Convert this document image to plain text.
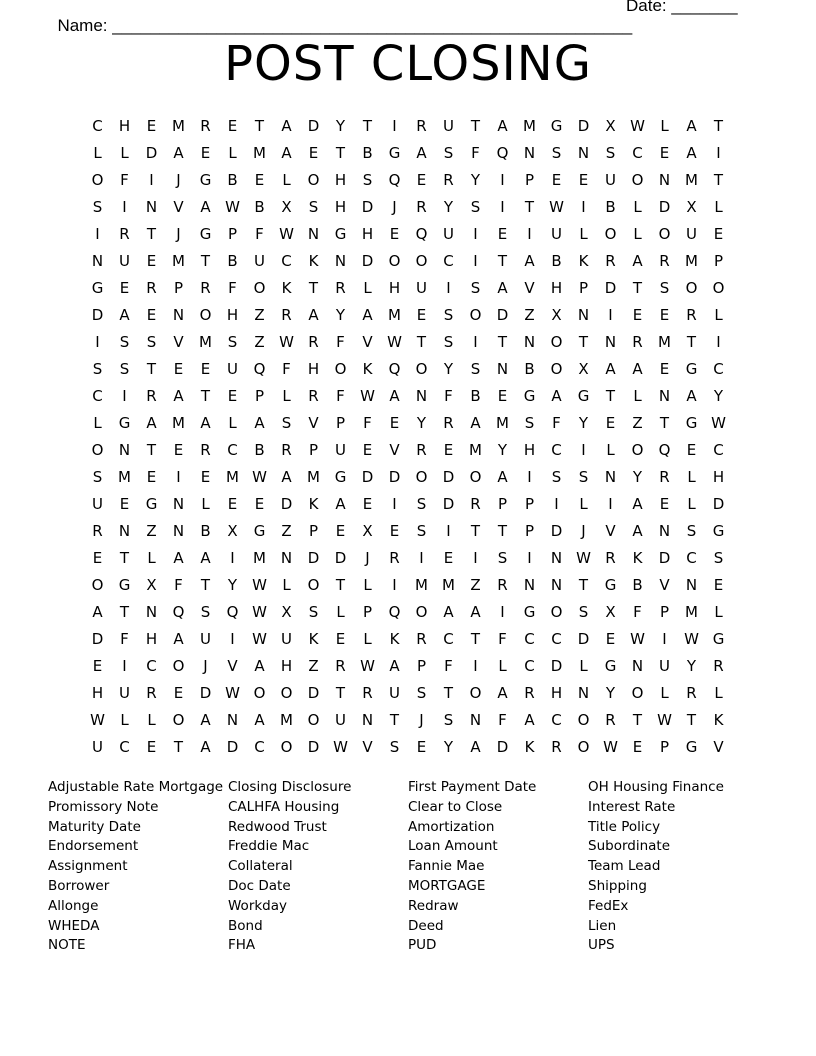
Name: _______________________________________________________

Date: _______

POST CLOSING
C	H	E	M	R	E	T	A	D	Y	T	I	R	U	T	A	M G	D	X W	L	A	T
L	L	D	A	E	L	M	A	E	T	B	G	A	S	F	Q	N	S	N	S	C	E	A	I
O	F	I	J	G	B	E	L	O	H	S	Q	E	R	Y	I	P	E	E	U	O	N M	T
S	I	N	V	A W B	X	S	H	D	J	R	Y	S	I	T	W	I	B	L	D	X	L
I	R	T	J	G	P	F	W N	G	H	E	Q	U	I	E	I	U	L	O	L	O	U	E
N	U	E	M	T	B	U	C	K	N	D	O	O	C	I	T	A	B	K	R	A	R	M	P
G	E	R	P	R	F	O	K	T	R	L	H	U	I	S	A	V	H	P	D	T	S	O	O
D	A	E	N	O	H	Z	R	A	Y	A	M	E	S	O	D	Z	X	N	I	E	E	R	L
I	S	S	V	M	S	Z W R	F	V W T	S	I	T	N	O	T	N	R	M	T	I
S	S	T	E	E	U	Q	F	H	O	K	Q	O	Y	S	N	B	O	X	A	A	E	G	C
C	I	R	A	T	E	P	L	R	F	W A	N	F	B	E	G	A	G	T	L	N	A	Y
L	G	A	M	A	L	A	S	V	P	F	E	Y	R	A	M	S	F	Y	E	Z	T	G W
O	N	T	E	R	C	B	R	P	U	E	V	R	E	M	Y	H	C	I	L	O	Q	E	C
S	M	E	I	E	M W A	M G	D	D	O	D	O	A	I	S	S	N	Y	R	L	H
U	E	G	N	L	E	E	D	K	A	E	I	S	D	R	P	P	I	L	I	A	E	L	D
R	N	Z	N	B	X	G	Z	P	E	X	E	S	I	T	T	P	D	J	V	A	N	S	G
E	T	L	A	A	I	M N	D	D	J	R	I	E	I	S	I	N W R	K	D	C	S
O	G	X	F	T	Y	W	L	O	T	L	I	M M	Z	R	N	N	T	G	B	V	N	E
A	T	N	Q	S	Q W X	S	L	P	Q	O	A	A	I	G	O	S	X	F	P	M	L
D	F	H	A	U	I	W U	K	E	L	K	R	C	T	F	C	C	D	E W	I	W G
E	I	C	O	J	V	A	H	Z	R W A	P	F	I	L	C	D	L	G	N	U	Y	R
H	U	R	E	D W O	O	D	T	R	U	S	T	O	A	R	H	N	Y	O	L	R	L
W	L	L	O	A	N	A	M O	U	N	T	J	S	N	F	A	C	O	R	T	W T	K
U	C	E	T	A	D	C	O	D W V	S	E	Y	A	D	K	R	O W E	P	G	V
Adjustable Rate Mortgage
Promissory Note
Maturity Date
Endorsement
Assignment
Borrower
Allonge
WHEDA
NOTE
Closing Disclosure
CALHFA Housing
Redwood Trust
Freddie Mac
Collateral
Doc Date
Workday
Bond
FHA
First Payment Date
Clear to Close
Amortization
Loan Amount
Fannie Mae
MORTGAGE
Redraw
Deed
PUD
OH Housing Finance
Interest Rate
Title Policy
Subordinate
Team Lead
Shipping
FedEx
Lien
UPS
